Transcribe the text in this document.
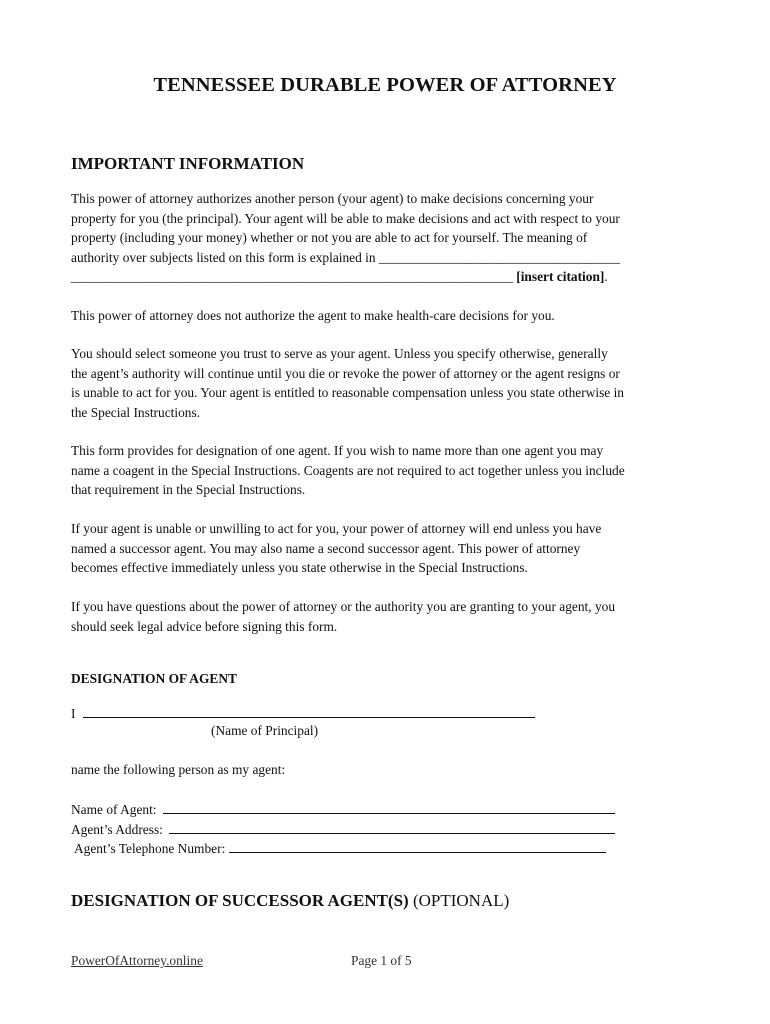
TENNESSEE DURABLE POWER OF ATTORNEY
IMPORTANT INFORMATION
This power of attorney authorizes another person (your agent) to make decisions concerning your
property for you (the principal). Your agent will be able to make decisions and act with respect to your
property (including your money) whether or not you are able to act for yourself. The meaning of
authority over subjects listed on this form is explained in ____________________________________
__________________________________________________________________ [insert citation].
This power of attorney does not authorize the agent to make health-care decisions for you.
You should select someone you trust to serve as your agent. Unless you specify otherwise, generally
the agent’s authority will continue until you die or revoke the power of attorney or the agent resigns or
is unable to act for you. Your agent is entitled to reasonable compensation unless you state otherwise in
the Special Instructions.
This form provides for designation of one agent. If you wish to name more than one agent you may
name a coagent in the Special Instructions. Coagents are not required to act together unless you include
that requirement in the Special Instructions.
If your agent is unable or unwilling to act for you, your power of attorney will end unless you have
named a successor agent. You may also name a second successor agent. This power of attorney
becomes effective immediately unless you state otherwise in the Special Instructions.
If you have questions about the power of attorney or the authority you are granting to your agent, you
should seek legal advice before signing this form.
DESIGNATION OF AGENT
I
(Name of Principal)
name the following person as my agent:
Name of Agent:
Agent’s Address:
Agent’s Telephone Number:
DESIGNATION OF SUCCESSOR AGENT(S) (OPTIONAL)
PowerOfAttorney.online	Page 1 of 5
